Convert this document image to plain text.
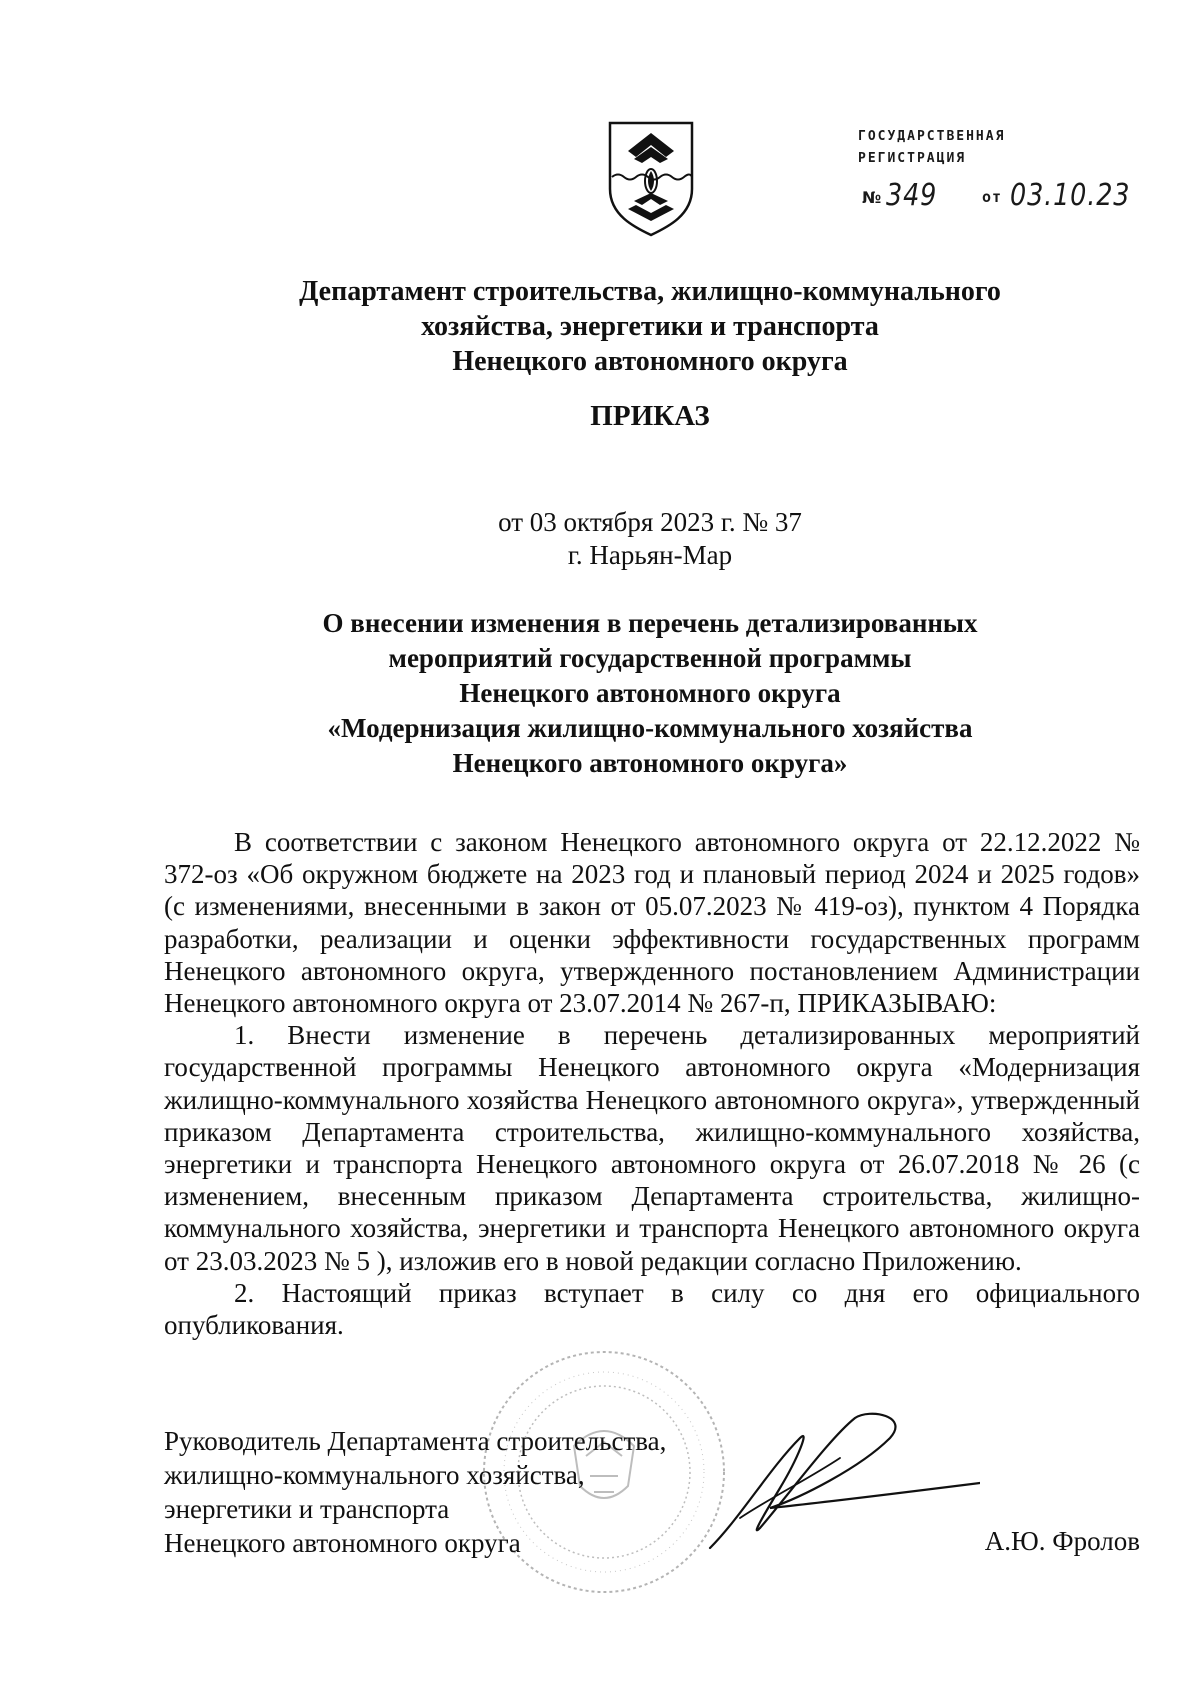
ГОСУДАРСТВЕННАЯ
РЕГИСТРАЦИЯ
№ 349	от 03.10.23
Департамент строительства, жилищно-коммунального
хозяйства, энергетики и транспорта
Ненецкого автономного округа
ПРИКАЗ
от 03 октября 2023 г. № 37
г. Нарьян-Мар
О внесении изменения в перечень детализированных
мероприятий государственной программы
Ненецкого автономного округа
«Модернизация жилищно-коммунального хозяйства
Ненецкого автономного округа»

В соответствии с законом Ненецкого автономного округа от 22.12.2022 № 372-оз «Об окружном бюджете на 2023 год и плановый период 2024 и 2025 годов» (с изменениями, внесенными в закон от 05.07.2023 № 419-оз), пунктом 4 Порядка разработки, реализации и оценки эффективности государственных программ Ненецкого автономного округа, утвержденного постановлением Администрации Ненецкого автономного округа от 23.07.2014 № 267-п, ПРИКАЗЫВАЮ:

1. Внести изменение в перечень детализированных мероприятий государственной программы Ненецкого автономного округа «Модернизация жилищно-коммунального хозяйства Ненецкого автономного округа», утвержденный приказом Департамента строительства, жилищно-коммунального хозяйства, энергетики и транспорта Ненецкого автономного округа от 26.07.2018 № 26 (с изменением, внесенным приказом Департамента строительства, жилищно-коммунального хозяйства, энергетики и транспорта Ненецкого автономного округа от 23.03.2023 № 5 ), изложив его в новой редакции согласно Приложению.

2. Настоящий приказ вступает в силу со дня его официального опубликования.

Руководитель Департамента строительства,
жилищно-коммунального хозяйства,
энергетики и транспорта
Ненецкого автономного округа	А.Ю. Фролов
